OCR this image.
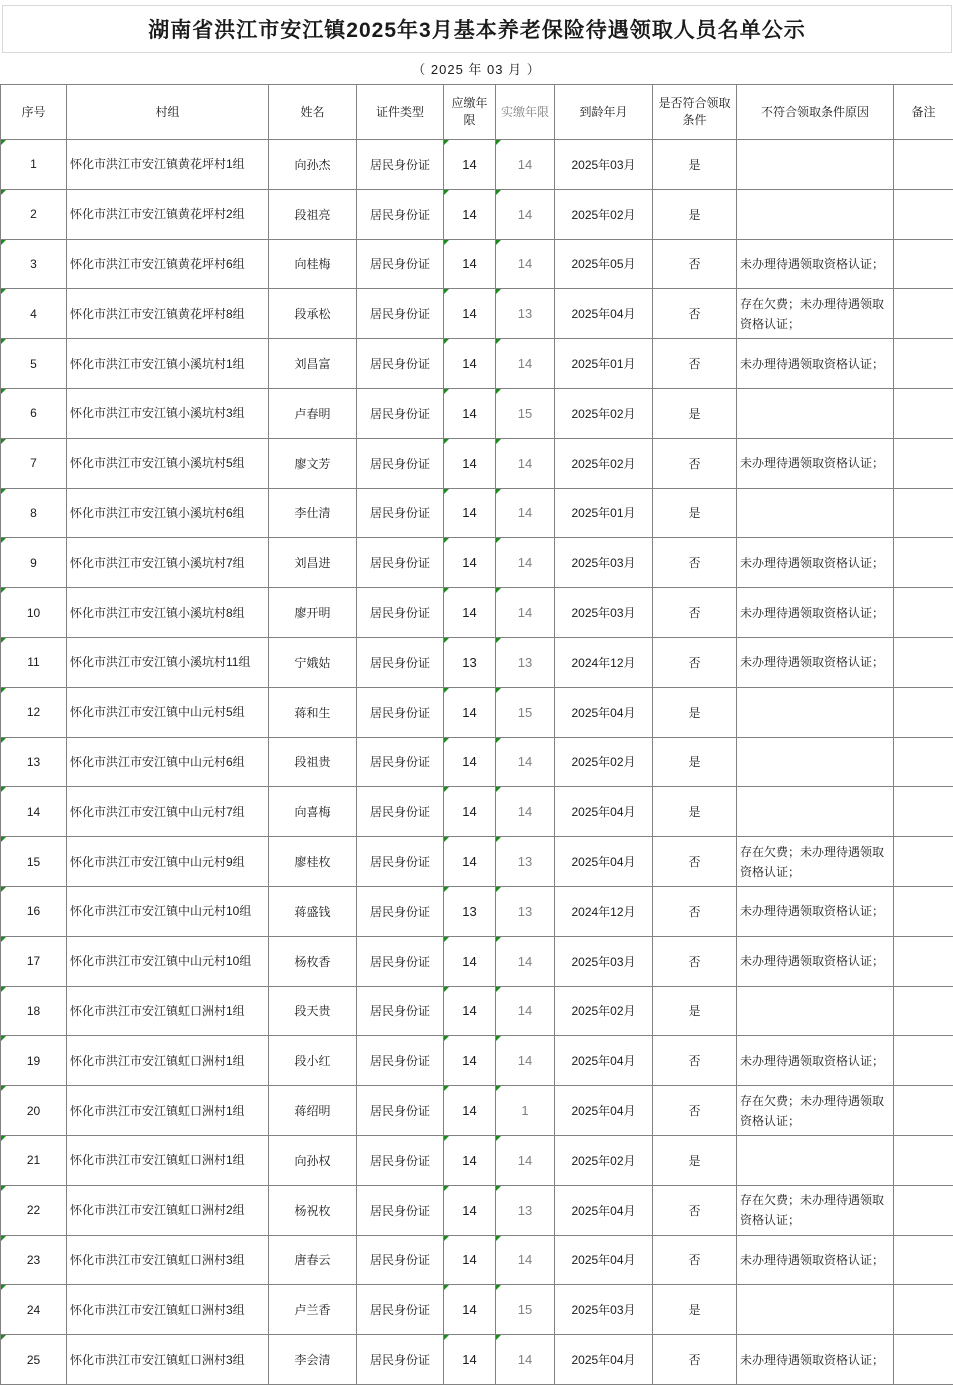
湖南省洪江市安江镇2025年3月基本养老保险待遇领取人员名单公示
（ 2025 年 03 月 ）
序号	村组	姓名	证件类型	应缴年限	实缴年限	到龄年月	是否符合领取条件	不符合领取条件原因	备注

1	怀化市洪江市安江镇黄花坪村1组	向孙杰	居民身份证	14	14	2025年03月	是		

2	怀化市洪江市安江镇黄花坪村2组	段祖亮	居民身份证	14	14	2025年02月	是		

3	怀化市洪江市安江镇黄花坪村6组	向桂梅	居民身份证	14	14	2025年05月	否	未办理待遇领取资格认证；	

4	怀化市洪江市安江镇黄花坪村8组	段承松	居民身份证	14	13	2025年04月	否	存在欠费；未办理待遇领取资格认证；	

5	怀化市洪江市安江镇小溪坑村1组	刘昌富	居民身份证	14	14	2025年01月	否	未办理待遇领取资格认证；	

6	怀化市洪江市安江镇小溪坑村3组	卢春明	居民身份证	14	15	2025年02月	是		

7	怀化市洪江市安江镇小溪坑村5组	廖文芳	居民身份证	14	14	2025年02月	否	未办理待遇领取资格认证；	

8	怀化市洪江市安江镇小溪坑村6组	李仕清	居民身份证	14	14	2025年01月	是		

9	怀化市洪江市安江镇小溪坑村7组	刘昌进	居民身份证	14	14	2025年03月	否	未办理待遇领取资格认证；	

10	怀化市洪江市安江镇小溪坑村8组	廖开明	居民身份证	14	14	2025年03月	否	未办理待遇领取资格认证；	

11	怀化市洪江市安江镇小溪坑村11组	宁娥姑	居民身份证	13	13	2024年12月	否	未办理待遇领取资格认证；	

12	怀化市洪江市安江镇中山元村5组	蒋和生	居民身份证	14	15	2025年04月	是		

13	怀化市洪江市安江镇中山元村6组	段祖贵	居民身份证	14	14	2025年02月	是		

14	怀化市洪江市安江镇中山元村7组	向喜梅	居民身份证	14	14	2025年04月	是		

15	怀化市洪江市安江镇中山元村9组	廖桂枚	居民身份证	14	13	2025年04月	否	存在欠费；未办理待遇领取资格认证；	

16	怀化市洪江市安江镇中山元村10组	蒋盛钱	居民身份证	13	13	2024年12月	否	未办理待遇领取资格认证；	

17	怀化市洪江市安江镇中山元村10组	杨枚香	居民身份证	14	14	2025年03月	否	未办理待遇领取资格认证；	

18	怀化市洪江市安江镇虹口洲村1组	段天贵	居民身份证	14	14	2025年02月	是		

19	怀化市洪江市安江镇虹口洲村1组	段小红	居民身份证	14	14	2025年04月	否	未办理待遇领取资格认证；	

20	怀化市洪江市安江镇虹口洲村1组	蒋绍明	居民身份证	14	1	2025年04月	否	存在欠费；未办理待遇领取资格认证；	

21	怀化市洪江市安江镇虹口洲村1组	向孙权	居民身份证	14	14	2025年02月	是		

22	怀化市洪江市安江镇虹口洲村2组	杨祝枚	居民身份证	14	13	2025年04月	否	存在欠费；未办理待遇领取资格认证；	

23	怀化市洪江市安江镇虹口洲村3组	唐春云	居民身份证	14	14	2025年04月	否	未办理待遇领取资格认证；	

24	怀化市洪江市安江镇虹口洲村3组	卢兰香	居民身份证	14	15	2025年03月	是		

25	怀化市洪江市安江镇虹口洲村3组	李会清	居民身份证	14	14	2025年04月	否	未办理待遇领取资格认证；	
